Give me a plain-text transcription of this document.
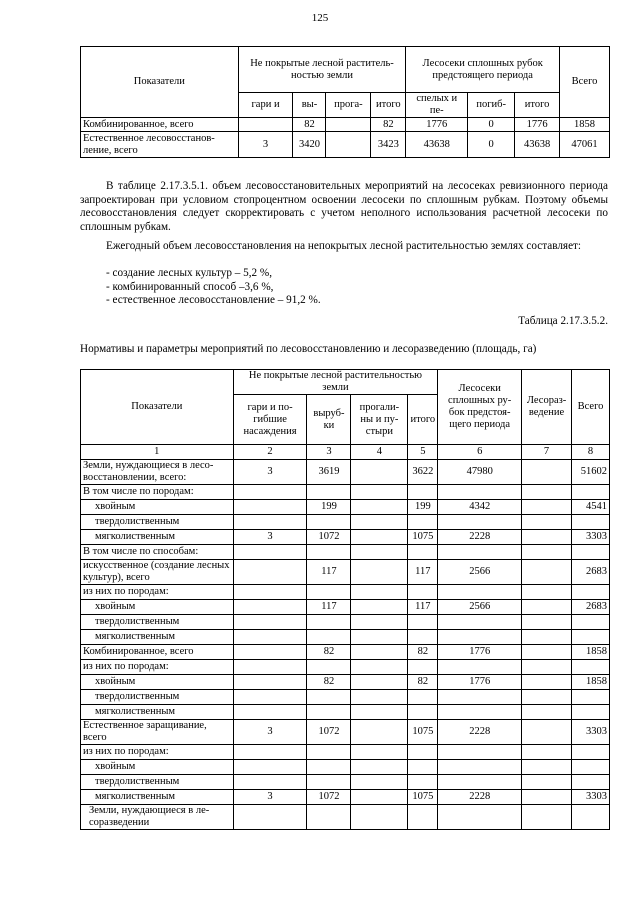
125
Показатели	Не покрытые лесной раститель-ностью земли				Лесосеки сплошных рубок предстоящего периода			Всего
	гари и	вы-	прога-	итого	спелых и пе-	погиб-	итого	
Комбинированное, всего		82		82	1776	0	1776	1858
Естественное лесовосстанов-ление, всего	3	3420		3423	43638	0	43638	47061
В таблице 2.17.3.5.1. объем лесовосстановительных мероприятий на лесосеках ревизионного периода запроектирован при условиом стопроцентном освоении лесосеки по сплошным рубкам. Поэтому объемы лесовосстановления следует скорректировать с учетом неполного использования расчетной лесосеки по сплошным рубкам.
Ежегодный объем лесовосстановления на непокрытых лесной растительностью землях составляет:
- создание лесных культур – 5,2 %,
- комбинированный способ –3,6 %,
- естественное лесовосстановление – 91,2 %.
Таблица 2.17.3.5.2.
Нормативы и параметры мероприятий по лесовосстановлению и лесоразведению (площадь, га)
Показатели	Не покрытые лесной растительностью земли				Лесосеки сплошных ру-бок предстоя-щего периода	Лесораз-ведение	Всего
	гари и по-гибшие насаждения	выруб-ки	прогали-ны и пу-стыри	итого			
1	2	3	4	5	6	7	8
Земли, нуждающиеся в лесо-восстановлении, всего:	3	3619		3622	47980		51602
В том числе по породам:							
хвойным		199		199	4342		4541
твердолиственным							
мягколиственным	3	1072		1075	2228		3303
В том числе по способам:							
искусственное (создание лесных культур), всего		117		117	2566		2683
из них по породам:							
хвойным		117		117	2566		2683
твердолиственным							
мягколиственным							
Комбинированное, всего		82		82	1776		1858
из них по породам:							
хвойным		82		82	1776		1858
твердолиственным							
мягколиственным							
Естественное заращивание, всего	3	1072		1075	2228		3303
из них по породам:							
хвойным							
твердолиственным							
мягколиственным	3	1072		1075	2228		3303
Земли, нуждающиеся в ле-соразведении							
